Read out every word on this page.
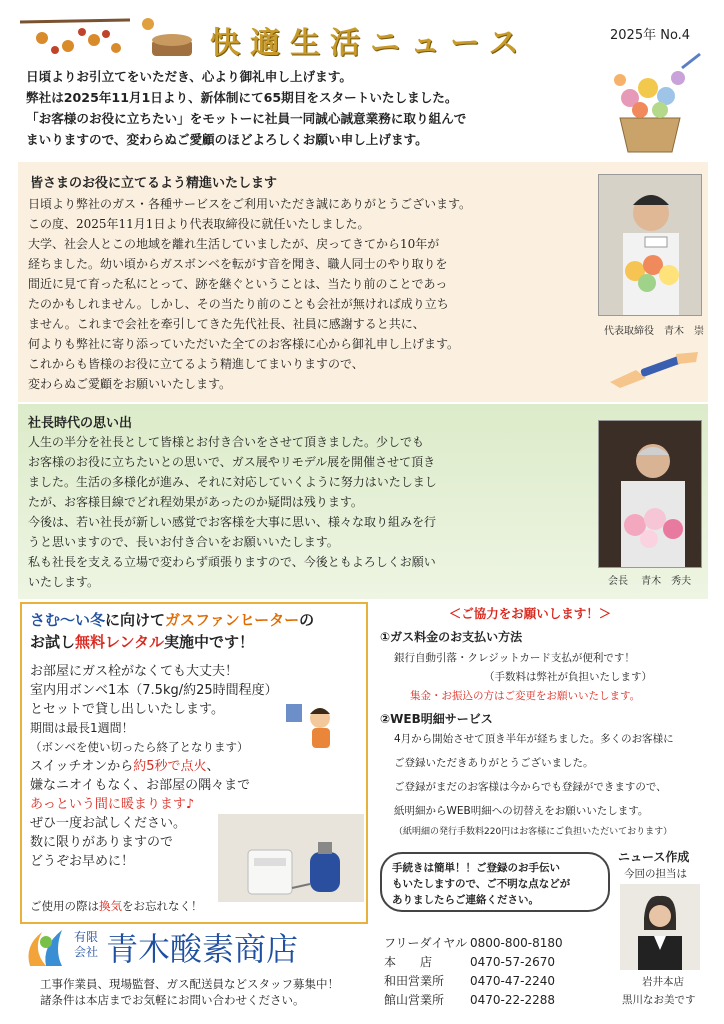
快適生活ニュース	2025年 No.4

日頃よりお引立てをいただき、心より御礼申し上げます。

弊社は2025年11月1日より、新体制にて65期目をスタートいたしました。

「お客様のお役に立ちたい」をモットーに社員一同誠心誠意業務に取り組んで

まいりますので、変わらぬご愛顧のほどよろしくお願い申し上げます。

皆さまのお役に立てるよう精進いたします

日頃より弊社のガス・各種サービスをご利用いただき誠にありがとうございます。

この度、2025年11月1日より代表取締役に就任いたしました。

大学、社会人とこの地域を離れ生活していましたが、戻ってきてから10年が

経ちました。幼い頃からガスボンベを転がす音を聞き、職人同士のやり取りを

間近に見て育った私にとって、跡を継ぐということは、当たり前のことであっ

たのかもしれません。しかし、その当たり前のことも会社が無ければ成り立ち

ません。これまで会社を牽引してきた先代社長、社員に感謝すると共に、

何よりも弊社に寄り添っていただいた全てのお客様に心から御礼申し上げます。

これからも皆様のお役に立てるよう精進してまいりますので、

変わらぬご愛顧をお願いいたします。

代表取締役　青木　崇
社長時代の思い出

人生の半分を社長として皆様とお付き合いをさせて頂きました。少しでも

お客様のお役に立ちたいとの思いで、ガス展やリモデル展を開催させて頂き

ました。生活の多様化が進み、それに対応していくように努力はいたしまし

たが、お客様目線でどれ程効果があったのか疑問は残ります。

今後は、若い社長が新しい感覚でお客様を大事に思い、様々な取り組みを行

うと思いますので、長いお付き合いをお願いいたします。

私も社長を支える立場で変わらず頑張りますので、今後ともよろしくお願い

いたします。	会長　 青木　秀夫
さむ～い冬に向けてガスファンヒーターの
お試し無料レンタル実施中です！
お部屋にガス栓がなくても大丈夫！
室内用ボンベ1本（7.5kg/約25時間程度）
とセットで貸し出しいたします。
期間は最長1週間！
（ボンベを使い切ったら終了となります）
スイッチオンから約5秒で点火、
嫌なニオイもなく、お部屋の隅々まで
あっという間に暖まります♪
ぜひ一度お試しください。
数に限りがありますので
どうぞお早めに！
ご使用の際は換気をお忘れなく！
＜ご協力をお願いします！＞
①ガス料金のお支払い方法
銀行自動引落・クレジットカード支払が便利です！
（手数料は弊社が負担いたします）
集金・お振込の方はご変更をお願いいたします。
②WEB明細サービス
4月から開始させて頂き半年が経ちました。多くのお客様に
ご登録いただきありがとうございました。
ご登録がまだのお客様は今からでも登録ができますので、
紙明細からWEB明細への切替えをお願いいたします。
（紙明細の発行手数料220円はお客様にご負担いただいております）
手続きは簡単！！ご登録のお手伝い
もいたしますので、ご不明な点などが
ありましたらご連絡ください。
ニュース作成
今回の担当は
岩井本店
黒川なお美です
有限会社 青木酸素商店
工事作業員、現場監督、ガス配送員などスタッフ募集中！
諸条件は本店までお気軽にお問い合わせください。
フリーダイヤル 0800-800-8180
本　　店	0470-57-2670
和田営業所	0470-47-2240
館山営業所	0470-22-2288
